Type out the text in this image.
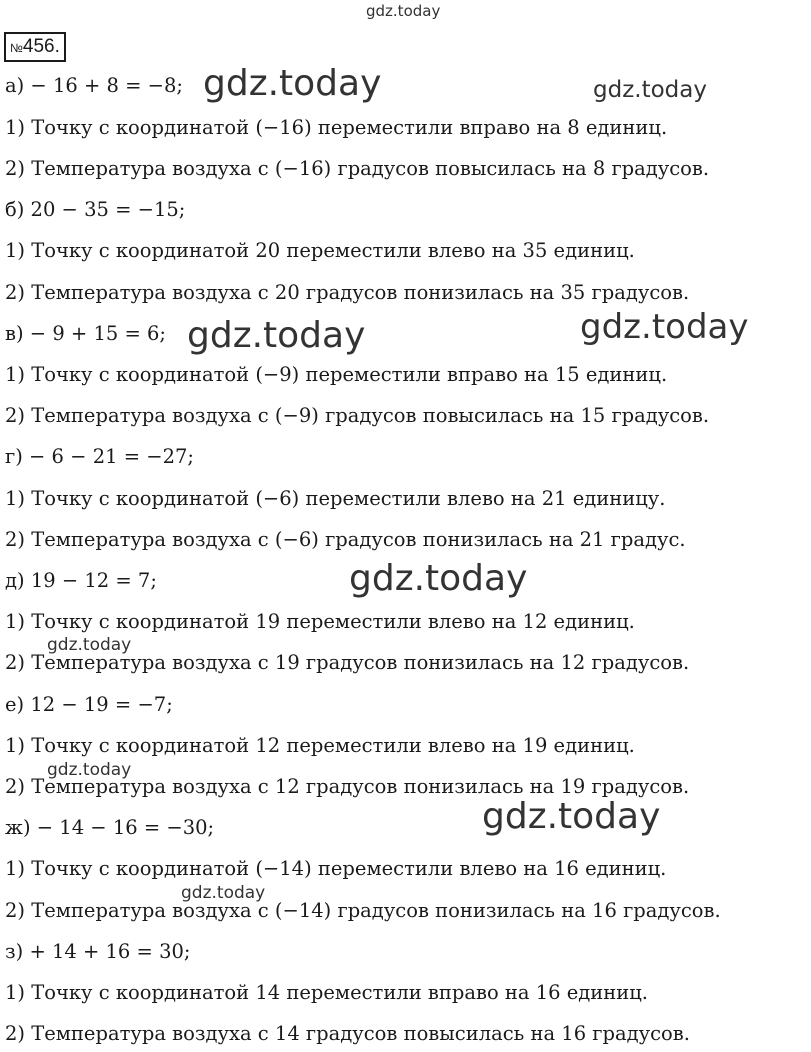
№456.
а) − 16 + 8 = −8;
1) Точку с координатой (−16) переместили вправо на 8 единиц.
2) Температура воздуха с (−16) градусов повысилась на 8 градусов.
б) 20 − 35 = −15;
1) Точку с координатой 20 переместили влево на 35 единиц.
2) Температура воздуха с 20 градусов понизилась на 35 градусов.
в) − 9 + 15 = 6;
1) Точку с координатой (−9) переместили вправо на 15 единиц.
2) Температура воздуха с (−9) градусов повысилась на 15 градусов.
г) − 6 − 21 = −27;
1) Точку с координатой (−6) переместили влево на 21 единицу.
2) Температура воздуха с (−6) градусов понизилась на 21 градус.
д) 19 − 12 = 7;
1) Точку с координатой 19 переместили влево на 12 единиц.
2) Температура воздуха с 19 градусов понизилась на 12 градусов.
е) 12 − 19 = −7;
1) Точку с координатой 12 переместили влево на 19 единиц.
2) Температура воздуха с 12 градусов понизилась на 19 градусов.
ж) − 14 − 16 = −30;
1) Точку с координатой (−14) переместили влево на 16 единиц.
2) Температура воздуха с (−14) градусов понизилась на 16 градусов.
з) + 14 + 16 = 30;
1) Точку с координатой 14 переместили вправо на 16 единиц.
2) Температура воздуха с 14 градусов повысилась на 16 градусов.
gdz.today
gdz.today	gdz.today
gdz.today
gdz.today
gdz.today
gdz.today
gdz.today
gdz.today
gdz.today
